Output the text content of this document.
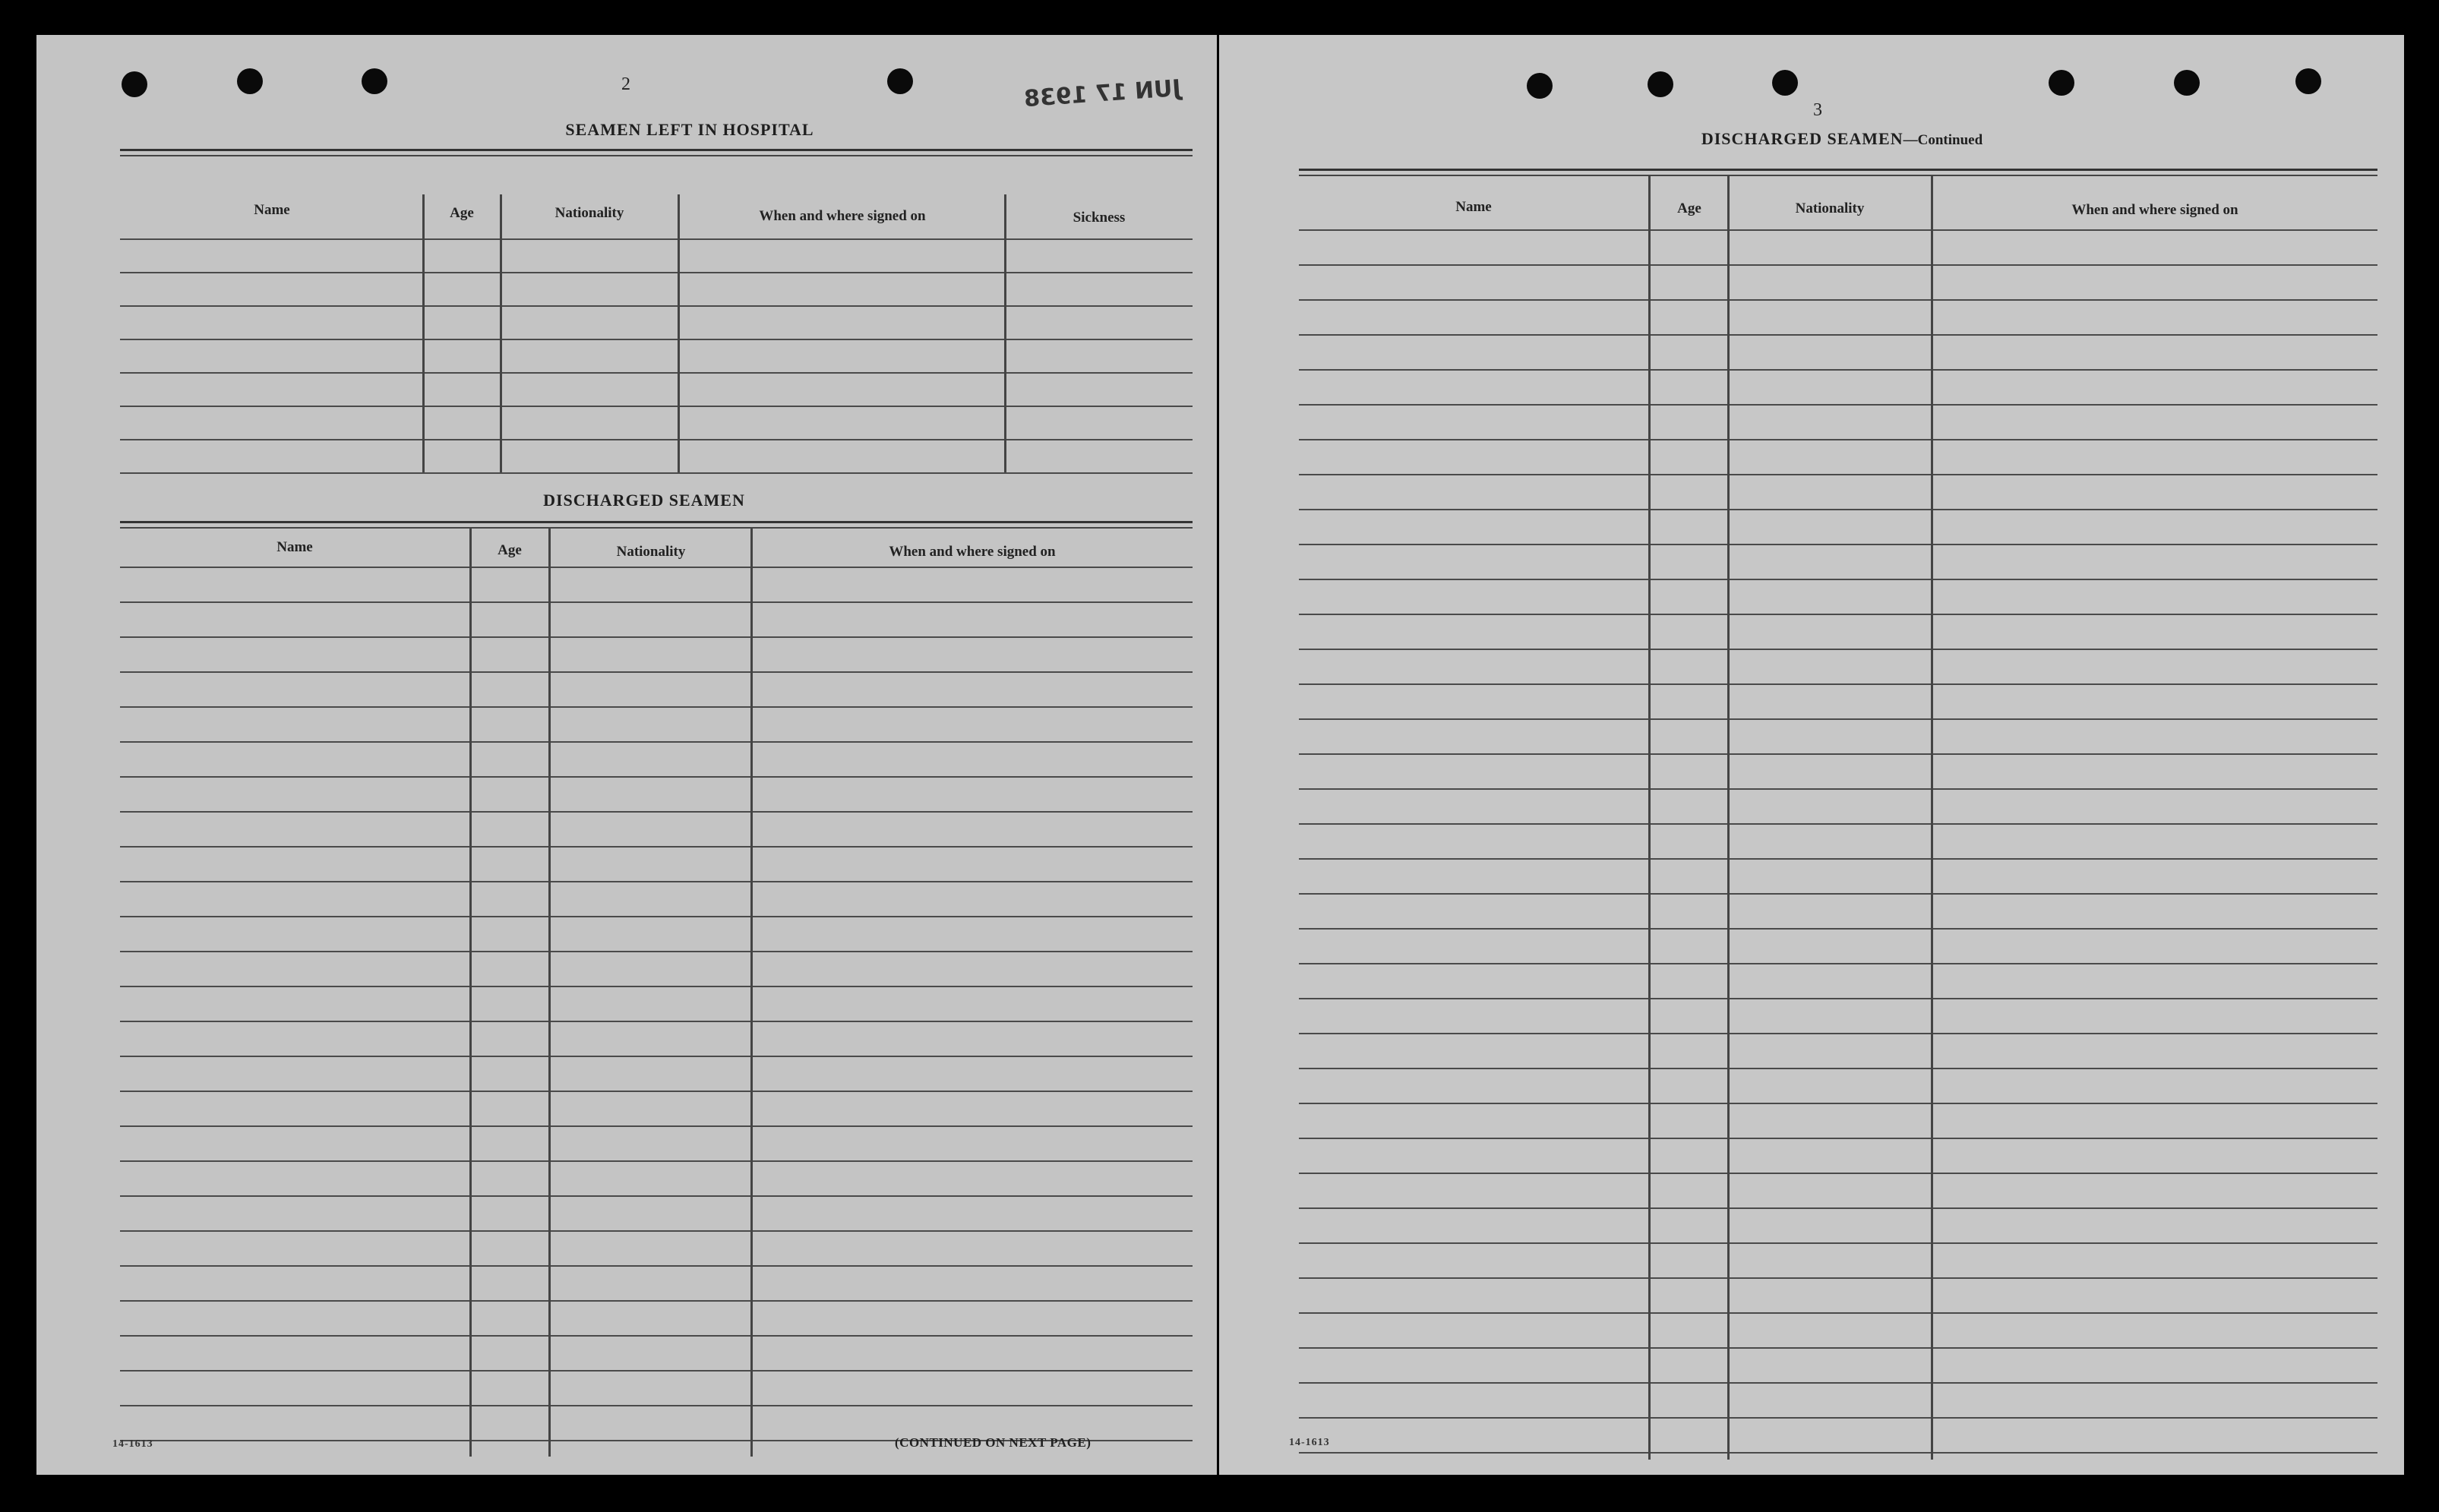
JUN 17 1938
2
SEAMEN LEFT IN HOSPITAL
Name	Age	Nationality	When and where signed on	Sickness
DISCHARGED SEAMEN
Name	Age	Nationality	When and where signed on
14-1613	(CONTINUED ON NEXT PAGE)
3
DISCHARGED SEAMEN—Continued
Name	Age	Nationality	When and where signed on
14-1613
